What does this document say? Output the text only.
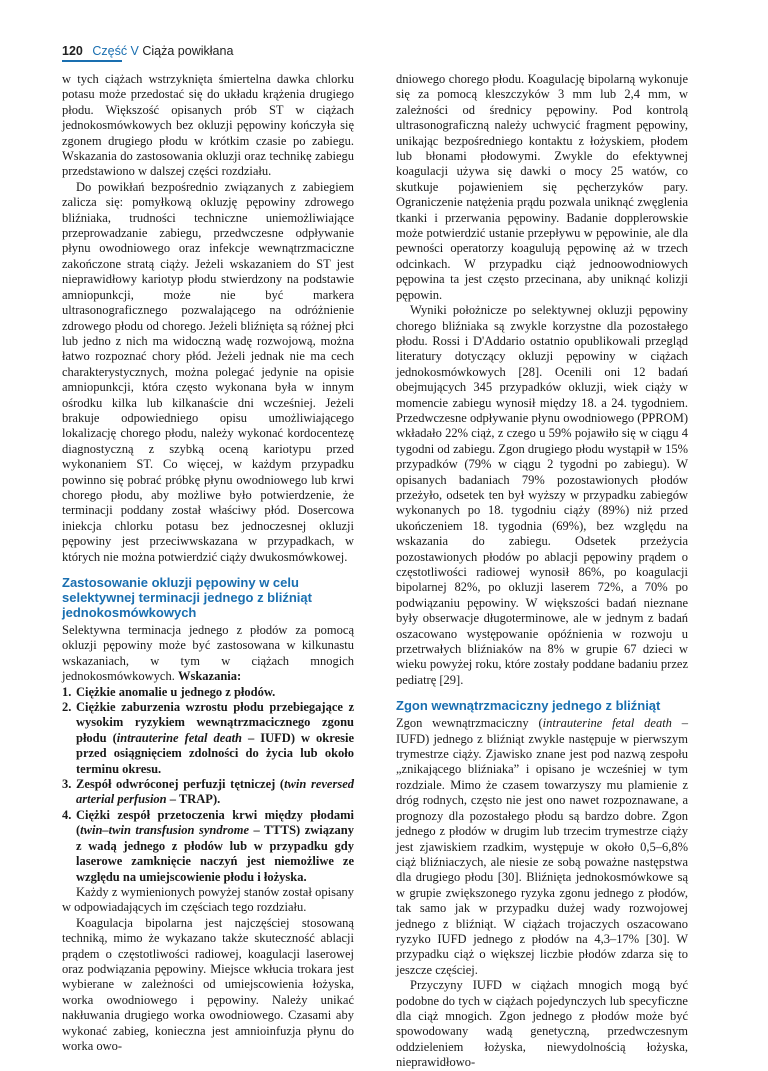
120 Część V Ciąża powikłana

w tych ciążach wstrzyknięta śmiertelna dawka chlorku potasu może przedostać się do układu krążenia drugiego płodu. Większość opisanych prób ST w ciążach jednokosmówkowych bez okluzji pępowiny kończyła się zgonem drugiego płodu w krótkim czasie po zabiegu. Wskazania do zastosowania okluzji oraz technikę zabiegu przedstawiono w dalszej części rozdziału.

Do powikłań bezpośrednio związanych z zabiegiem zalicza się: pomyłkową okluzję pępowiny zdrowego bliźniaka, trudności techniczne uniemożliwiające przeprowadzanie zabiegu, przedwczesne odpływanie płynu owodniowego oraz infekcje wewnątrzmaciczne zakończone stratą ciąży. Jeżeli wskazaniem do ST jest nieprawidłowy kariotyp płodu stwierdzony na podstawie amniopunkcji, może nie być markera ultrasonograficznego pozwalającego na odróżnienie zdrowego płodu od chorego. Jeżeli bliźnięta są różnej płci lub jedno z nich ma widoczną wadę rozwojową, można łatwo rozpoznać chory płód. Jeżeli jednak nie ma cech charakterystycznych, można polegać jedynie na opisie amniopunkcji, która często wykonana była w innym ośrodku kilka lub kilkanaście dni wcześniej. Jeżeli brakuje odpowiedniego opisu umożliwiającego lokalizację chorego płodu, należy wykonać kordocentezę diagnostyczną z szybką oceną kariotypu przed wykonaniem ST. Co więcej, w każdym przypadku powinno się pobrać próbkę płynu owodniowego lub krwi chorego płodu, aby możliwe było potwierdzenie, że terminacji poddany został właściwy płód. Dosercowa iniekcja chlorku potasu bez jednoczesnej okluzji pępowiny jest przeciwwskazana w przypadkach, w których nie można potwierdzić ciąży dwukosmówkowej.

Zastosowanie okluzji pępowiny w celu selektywnej terminacji jednego z bliźniąt jednokosmówkowych

Selektywna terminacja jednego z płodów za pomocą okluzji pępowiny może być zastosowana w kilkunastu wskazaniach, w tym w ciążach mnogich jednokosmówkowych. Wskazania:

1. Ciężkie anomalie u jednego z płodów.
2. Ciężkie zaburzenia wzrostu płodu przebiegające z wysokim ryzykiem wewnątrzmacicznego zgonu płodu (intrauterine fetal death – IUFD) w okresie przed osiągnięciem zdolności do życia lub około terminu okresu.
3. Zespół odwróconej perfuzji tętniczej (twin reversed arterial perfusion – TRAP).
4. Ciężki zespół przetoczenia krwi między płodami (twin–twin transfusion syndrome – TTTS) związany z wadą jednego z płodów lub w przypadku gdy laserowe zamknięcie naczyń jest niemożliwe ze względu na umiejscowienie płodu i łożyska.

Każdy z wymienionych powyżej stanów został opisany w odpowiadających im częściach tego rozdziału.

Koagulacja bipolarna jest najczęściej stosowaną techniką, mimo że wykazano także skuteczność ablacji prądem o częstotliwości radiowej, koagulacji laserowej oraz podwiązania pępowiny. Miejsce wkłucia trokara jest wybierane w zależności od umiejscowienia łożyska, worka owodniowego i pępowiny. Należy unikać nakłuwania drugiego worka owodniowego. Czasami aby wykonać zabieg, konieczna jest amnioinfuzja płynu do worka owo-

dniowego chorego płodu. Koagulację bipolarną wykonuje się za pomocą kleszczyków 3 mm lub 2,4 mm, w zależności od średnicy pępowiny. Pod kontrolą ultrasonograficzną należy uchwycić fragment pępowiny, unikając bezpośredniego kontaktu z łożyskiem, płodem lub błonami płodowymi. Zwykle do efektywnej koagulacji używa się dawki o mocy 25 watów, co skutkuje pojawieniem się pęcherzyków pary. Ograniczenie natężenia prądu pozwala uniknąć zwęglenia tkanki i przerwania pępowiny. Badanie dopplerowskie może potwierdzić ustanie przepływu w pępowinie, ale dla pewności operatorzy koagulują pępowinę aż w trzech odcinkach. W przypadku ciąż jednoowodniowych pępowina ta jest często przecinana, aby uniknąć kolizji pępowin.

Wyniki położnicze po selektywnej okluzji pępowiny chorego bliźniaka są zwykle korzystne dla pozostałego płodu. Rossi i D'Addario ostatnio opublikowali przegląd literatury dotyczący okluzji pępowiny w ciążach jednokosmówkowych [28]. Ocenili oni 12 badań obejmujących 345 przypadków okluzji, wiek ciąży w momencie zabiegu wynosił między 18. a 24. tygodniem. Przedwczesne odpływanie płynu owodniowego (PPROM) wkładało 22% ciąż, z czego u 59% pojawiło się w ciągu 4 tygodni od zabiegu. Zgon drugiego płodu wystąpił w 15% przypadków (79% w ciągu 2 tygodni po zabiegu). W opisanych badaniach 79% pozostawionych płodów przeżyło, odsetek ten był wyższy w przypadku zabiegów wykonanych po 18. tygodniu ciąży (89%) niż przed ukończeniem 18. tygodnia (69%), bez względu na wskazania do zabiegu. Odsetek przeżycia pozostawionych płodów po ablacji pępowiny prądem o częstotliwości radiowej wynosił 86%, po koagulacji bipolarnej 82%, po okluzji laserem 72%, a 70% po podwiązaniu pępowiny. W większości badań nieznane były obserwacje długoterminowe, ale w jednym z badań oszacowano występowanie opóźnienia w rozwoju u przetrwałych bliźniaków na 8% w grupie 67 dzieci w wieku powyżej roku, które zostały poddane badaniu przez pediatrę [29].

Zgon wewnątrzmaciczny jednego z bliźniąt

Zgon wewnątrzmaciczny (intrauterine fetal death – IUFD) jednego z bliźniąt zwykle następuje w pierwszym trymestrze ciąży. Zjawisko znane jest pod nazwą zespołu „znikającego bliźniaka” i opisano je wcześniej w tym rozdziale. Mimo że czasem towarzyszy mu plamienie z dróg rodnych, często nie jest ono nawet rozpoznawane, a prognozy dla pozostałego płodu są bardzo dobre. Zgon jednego z płodów w drugim lub trzecim trymestrze ciąży jest zjawiskiem rzadkim, występuje w około 0,5–6,8% ciąż bliźniaczych, ale niesie ze sobą poważne następstwa dla drugiego płodu [30]. Bliźnięta jednokosmówkowe są w grupie zwiększonego ryzyka zgonu jednego z płodów, tak samo jak w przypadku dużej wady rozwojowej jednego z bliźniąt. W ciążach trojaczych oszacowano ryzyko IUFD jednego z płodów na 4,3–17% [30]. W przypadku ciąż o większej liczbie płodów zdarza się to jeszcze częściej.

Przyczyny IUFD w ciążach mnogich mogą być podobne do tych w ciążach pojedynczych lub specyficzne dla ciąż mnogich. Zgon jednego z płodów może być spowodowany wadą genetyczną, przedwczesnym oddzieleniem łożyska, niewydolnością łożyska, nieprawidłowo-
